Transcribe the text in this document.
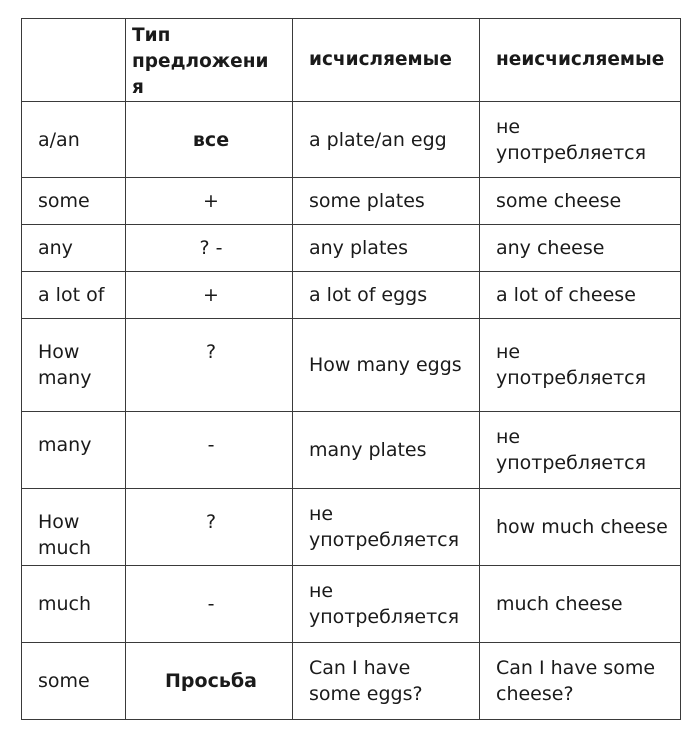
	Тип предложения	исчисляемые	неисчисляемые
a/an	все	a plate/an egg	не употребляется
some	+	some plates	some cheese
any	? -	any plates	any cheese
a lot of	+	a lot of eggs	a lot of cheese
How many	?	How many eggs	не употребляется
many	-	many plates	не употребляется
How much	?	не употребляется	how much cheese
much	-	не употребляется	much cheese
some	Просьба	Can I have some eggs?	Can I have some cheese?
